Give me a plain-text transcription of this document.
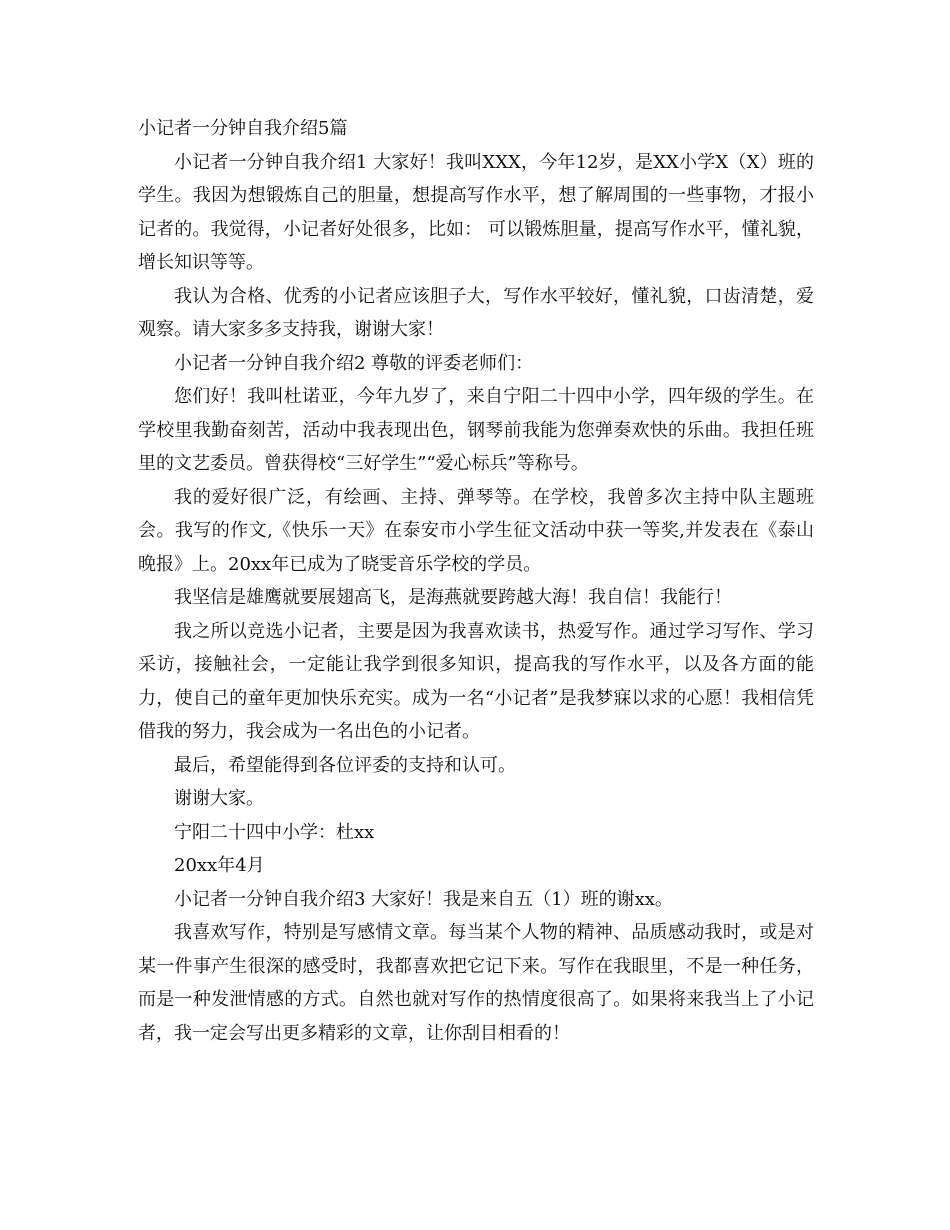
小记者一分钟自我介绍5篇

小记者一分钟自我介绍1 大家好！我叫XXX，今年12岁，是XX小学X（X）班的学生。我因为想锻炼自己的胆量，想提高写作水平，想了解周围的一些事物，才报小记者的。我觉得，小记者好处很多，比如： 可以锻炼胆量，提高写作水平，懂礼貌，增长知识等等。

我认为合格、优秀的小记者应该胆子大，写作水平较好，懂礼貌，口齿清楚，爱观察。请大家多多支持我，谢谢大家！

小记者一分钟自我介绍2 尊敬的评委老师们：

您们好！我叫杜诺亚，今年九岁了，来自宁阳二十四中小学，四年级的学生。在学校里我勤奋刻苦，活动中我表现出色，钢琴前我能为您弹奏欢快的乐曲。我担任班里的文艺委员。曾获得校“三好学生”“爱心标兵”等称号。

我的爱好很广泛，有绘画、主持、弹琴等。在学校，我曾多次主持中队主题班会。我写的作文,《快乐一天》在泰安市小学生征文活动中获一等奖,并发表在《泰山晚报》上。20xx年已成为了晓雯音乐学校的学员。

我坚信是雄鹰就要展翅高飞，是海燕就要跨越大海！我自信！我能行！

我之所以竞选小记者，主要是因为我喜欢读书，热爱写作。通过学习写作、学习采访，接触社会，一定能让我学到很多知识，提高我的写作水平，以及各方面的能力，使自己的童年更加快乐充实。成为一名“小记者”是我梦寐以求的心愿！我相信凭借我的努力，我会成为一名出色的小记者。

最后，希望能得到各位评委的支持和认可。

谢谢大家。

宁阳二十四中小学：杜xx

20xx年4月

小记者一分钟自我介绍3 大家好！我是来自五（1）班的谢xx。

我喜欢写作，特别是写感情文章。每当某个人物的精神、品质感动我时，或是对某一件事产生很深的感受时，我都喜欢把它记下来。写作在我眼里，不是一种任务，而是一种发泄情感的方式。自然也就对写作的热情度很高了。如果将来我当上了小记者，我一定会写出更多精彩的文章，让你刮目相看的！
